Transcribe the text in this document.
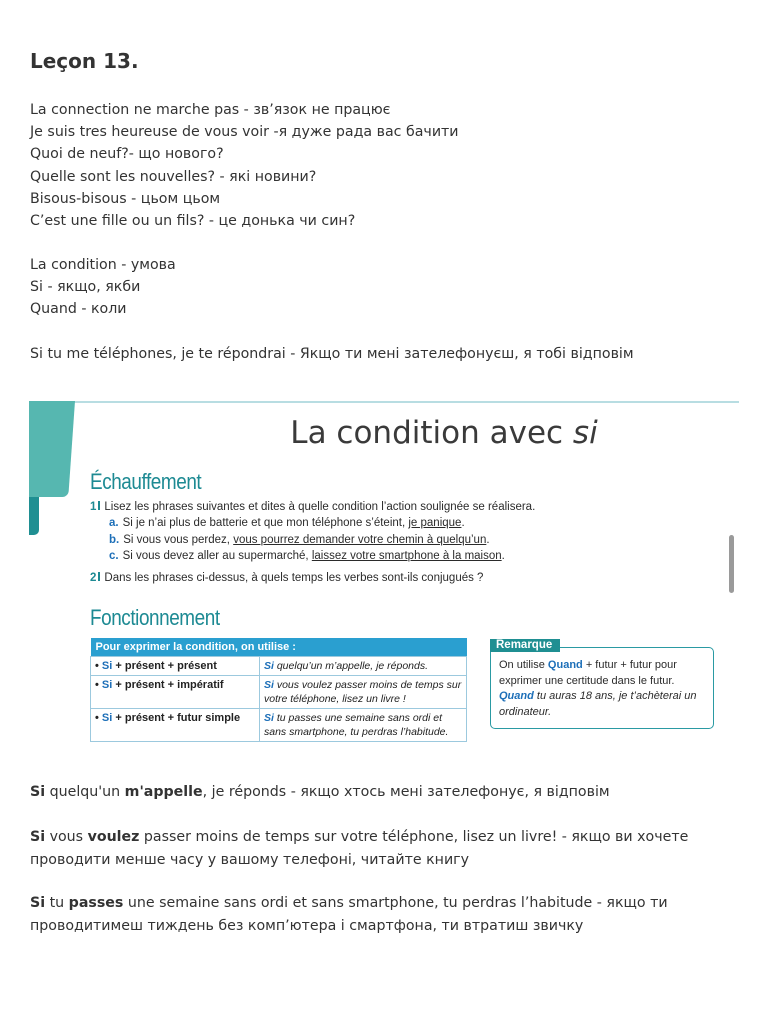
Leçon 13.
La connection ne marche pas - зв’язок не працює
Je suis tres heureuse de vous voir -я дуже рада вас бачити
Quoi de neuf?- що нового?
Quelle sont les nouvelles? - які новини?
Bisous-bisous - цьом цьом
C’est une fille ou un fils? - це донька чи син?
La condition - умова
Si - якщо, якби
Quand - коли
Si tu me téléphones, je te répondrai - Якщо ти мені зателефонуєш, я тобі відповім
La condition avec si
Échauffement
1 Lisez les phrases suivantes et dites à quelle condition l’action soulignée se réalisera.
a. Si je n’ai plus de batterie et que mon téléphone s’éteint, je panique.
b. Si vous vous perdez, vous pourrez demander votre chemin à quelqu’un.
c. Si vous devez aller au supermarché, laissez votre smartphone à la maison.
2 Dans les phrases ci-dessus, à quels temps les verbes sont-ils conjugués ?
Fonctionnement
Pour exprimer la condition, on utilise :	
• Si + présent + présent	Si quelqu’un m’appelle, je réponds.
• Si + présent + impératif	Si vous voulez passer moins de temps sur votre téléphone, lisez un livre !
• Si + présent + futur simple	Si tu passes une semaine sans ordi et sans smartphone, tu perdras l’habitude.
Remarque
On utilise Quand + futur + futur pour exprimer une certitude dans le futur. Quand tu auras 18 ans, je t’achèterai un ordinateur.
Si quelqu'un m'appelle, je réponds - якщо хтось мені зателефонує, я відповім
Si vous voulez passer moins de temps sur votre téléphone, lisez un livre! - якщо ви хочете проводити менше часу у вашому телефоні, читайте книгу
Si tu passes une semaine sans ordi et sans smartphone, tu perdras l’habitude - якщо ти проводитимеш тиждень без комп’ютера і смартфона, ти втратиш звичку
